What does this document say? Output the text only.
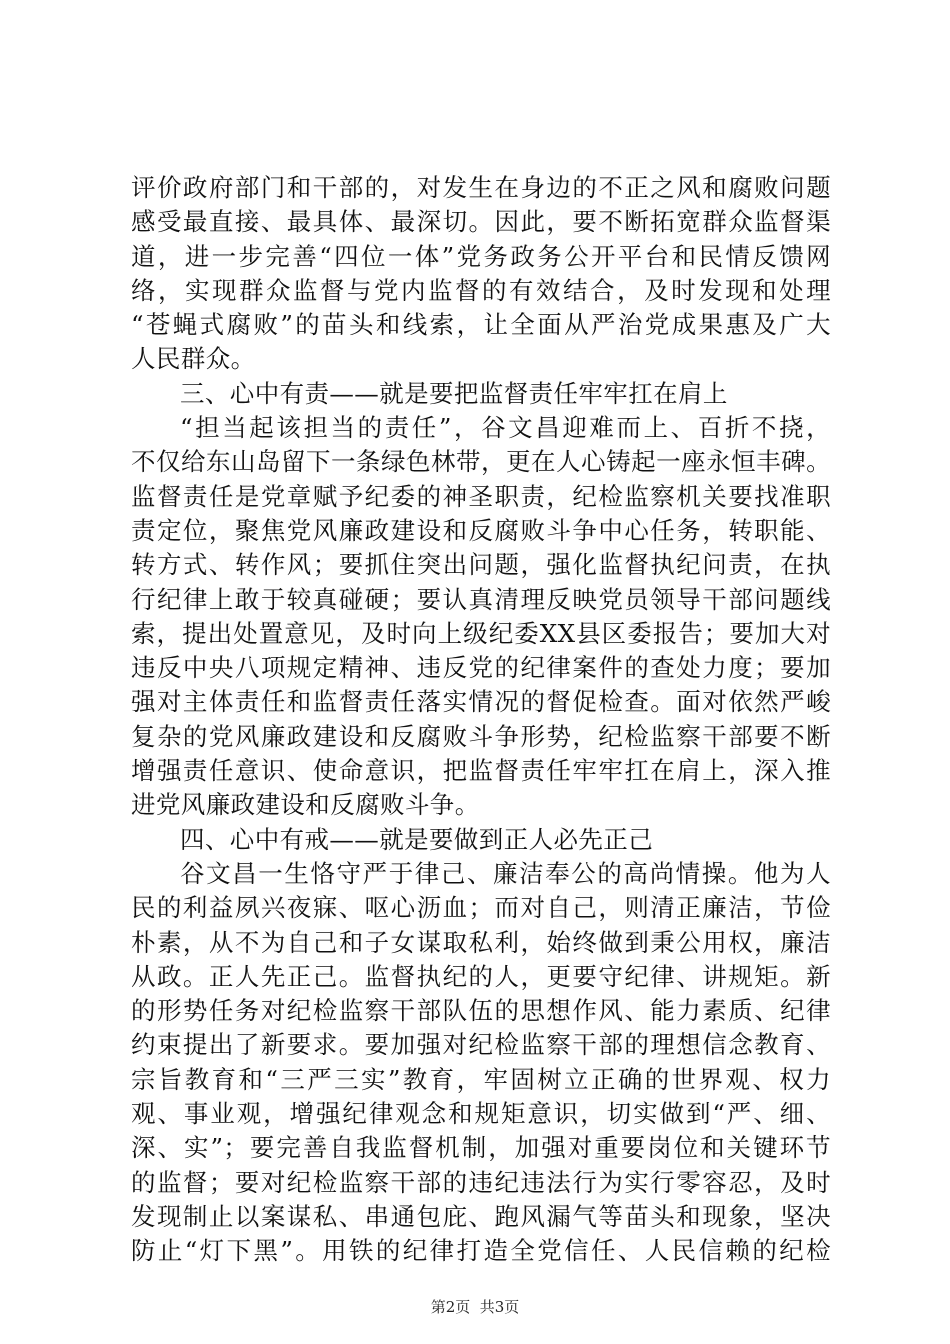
评价政府部门和干部的，对发生在身边的不正之风和腐败问题
感受最直接、最具体、最深切。因此，要不断拓宽群众监督渠
道，进一步完善“四位一体”党务政务公开平台和民情反馈网
络，实现群众监督与党内监督的有效结合，及时发现和处理
“苍蝇式腐败”的苗头和线索，让全面从严治党成果惠及广大
人民群众。
三、心中有责——就是要把监督责任牢牢扛在肩上
“担当起该担当的责任”，谷文昌迎难而上、百折不挠，
不仅给东山岛留下一条绿色林带，更在人心铸起一座永恒丰碑。
监督责任是党章赋予纪委的神圣职责，纪检监察机关要找准职
责定位，聚焦党风廉政建设和反腐败斗争中心任务，转职能、
转方式、转作风；要抓住突出问题，强化监督执纪问责，在执
行纪律上敢于较真碰硬；要认真清理反映党员领导干部问题线
索，提出处置意见，及时向上级纪委XX县区委报告；要加大对
违反中央八项规定精神、违反党的纪律案件的查处力度；要加
强对主体责任和监督责任落实情况的督促检查。面对依然严峻
复杂的党风廉政建设和反腐败斗争形势，纪检监察干部要不断
增强责任意识、使命意识，把监督责任牢牢扛在肩上，深入推
进党风廉政建设和反腐败斗争。
四、心中有戒——就是要做到正人必先正己
谷文昌一生恪守严于律己、廉洁奉公的高尚情操。他为人
民的利益夙兴夜寐、呕心沥血；而对自己，则清正廉洁，节俭
朴素，从不为自己和子女谋取私利，始终做到秉公用权，廉洁
从政。正人先正己。监督执纪的人，更要守纪律、讲规矩。新
的形势任务对纪检监察干部队伍的思想作风、能力素质、纪律
约束提出了新要求。要加强对纪检监察干部的理想信念教育、
宗旨教育和“三严三实”教育，牢固树立正确的世界观、权力
观、事业观，增强纪律观念和规矩意识，切实做到“严、细、
深、实”；要完善自我监督机制，加强对重要岗位和关键环节
的监督；要对纪检监察干部的违纪违法行为实行零容忍，及时
发现制止以案谋私、串通包庇、跑风漏气等苗头和现象，坚决
防止“灯下黑”。用铁的纪律打造全党信任、人民信赖的纪检
第2页  共3页
